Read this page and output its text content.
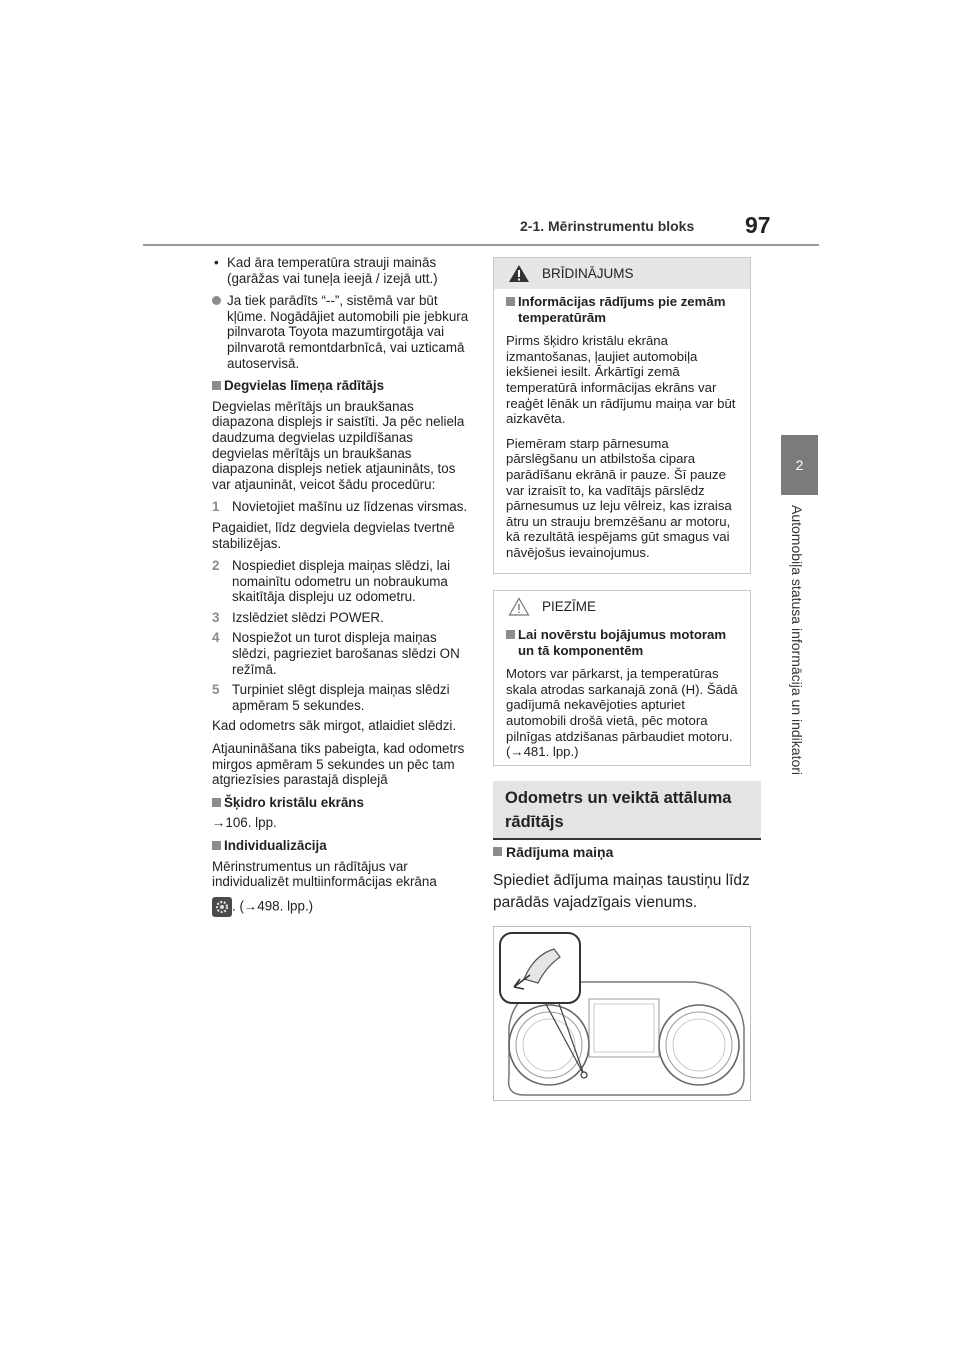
2-1. Mērinstrumentu bloks 97
2
Automobiļa statusa informācija un indikatori
• Kad āra temperatūra strauji mainās (garāžas vai tuneļa ieejā / izejā utt.)
Ja tiek parādīts “--”, sistēmā var būt kļūme. Nogādājiet automobili pie jebkura pilnvarota Toyota mazumtirgotāja vai pilnvarotā remontdarbnīcā, vai uzticamā autoservisā.
Degvielas līmeņa rādītājs

Degvielas mērītājs un braukšanas diapazona displejs ir saistīti. Ja pēc neliela daudzuma degvielas uzpildīšanas degvielas mērītājs un braukšanas diapazona displejs netiek atjaunināts, tos var atjaunināt, veicot šādu procedūru:

1 Novietojiet mašīnu uz līdzenas virsmas.

Pagaidiet, līdz degviela degvielas tvertnē stabilizējas.

2 Nospiediet displeja maiņas slēdzi, lai nomainītu odometru un nobraukuma skaitītāja displeju uz odometru.
3 Izslēdziet slēdzi POWER.
4 Nospiežot un turot displeja maiņas slēdzi, pagrieziet barošanas slēdzi ON režīmā.
5 Turpiniet slēgt displeja maiņas slēdzi apmēram 5 sekundes.

Kad odometrs sāk mirgot, atlaidiet slēdzi.

Atjaunināšana tiks pabeigta, kad odometrs mirgos apmēram 5 sekundes un pēc tam atgriezīsies parastajā displejā

Šķidro kristālu ekrāns

→106. lpp.

Individualizācija

Mērinstrumentus un rādītājus var individualizēt multiinformācijas ekrāna

. (→498. lpp.)

BRĪDINĀJUMS
Informācijas rādījums pie zemām temperatūrām

Pirms šķidro kristālu ekrāna izmantošanas, ļaujiet automobiļa iekšienei iesilt. Ārkārtīgi zemā temperatūrā informācijas ekrāns var reaģēt lēnāk un rādījumu maiņa var būt aizkavēta.

Piemēram starp pārnesuma pārslēgšanu un atbilstoša cipara parādīšanu ekrānā ir pauze. Šī pauze var izraisīt to, ka vadītājs pārslēdz pārnesumus uz leju vēlreiz, kas izraisa ātru un strauju bremzēšanu ar motoru, kā rezultātā iespējams gūt smagus vai nāvējošus ievainojumus.

PIEZĪME
Lai novērstu bojājumus motoram un tā komponentēm

Motors var pārkarst, ja temperatūras skala atrodas sarkanajā zonā (H). Šādā gadījumā nekavējoties apturiet automobili drošā vietā, pēc motora pilnīgas atdzišanas pārbaudiet motoru. (→481. lpp.)

Odometrs un veiktā attāluma rādītājs
Rādījuma maiņa
Spiediet ādījuma maiņas taustiņu līdz parādās vajadzīgais vienums.
